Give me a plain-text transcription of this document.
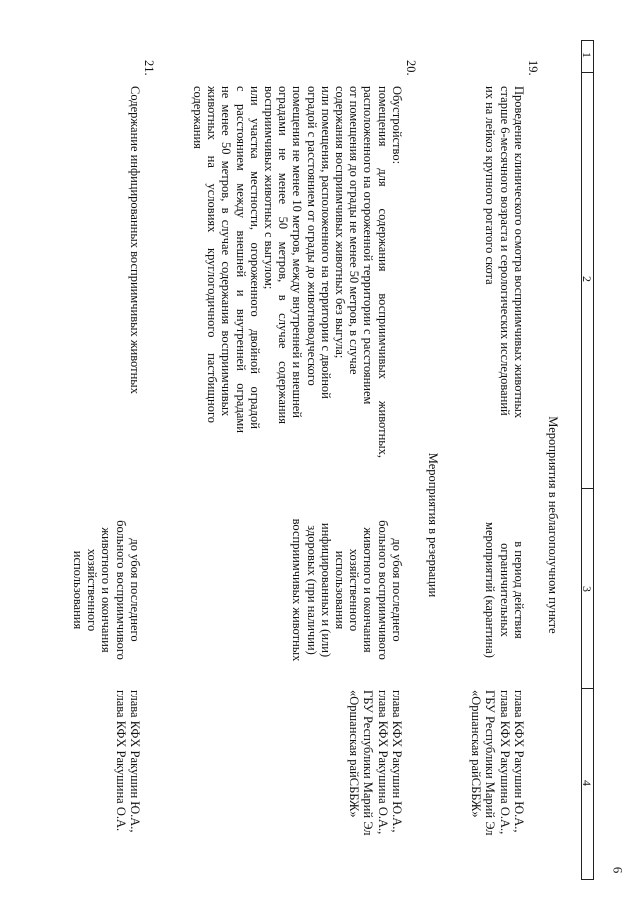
6
1
2
3
4
Мероприятия в неблагополучном пункте
19.

Проведение клинического осмотра восприимчивых животных
старше 6-месячного возраста и серологических исследований
их на лейкоз крупного рогатого скота

в период действия
ограничительных
мероприятий (карантина)

глава КФХ Ракушин Ю.А.,
глава КФХ Ракушина О.А.,
ГБУ Республики Марий Эл
«Оршанская райСББЖ»
Мероприятия в резервации
20.

Обустройство:
помещения       для       содержания       восприимчивых       животных,
расположенного на огороженной территории с расстоянием
от помещения до ограды не менее 50 метров, в случае
содержания восприимчивых животных без выгула;
или помещения, расположенного на территории с двойной
оградой с расстоянием от ограды до животноводческого
помещения не менее 10 метров, между внутренней и внешней
оградами    не    менее    50    метров,    в    случае    содержания
восприимчивых животных с выгулом;
или    участка    местности,    огороженного    двойной    оградой
с    расстоянием    между    внешней    и    внутренней    оградами
не  менее  50  метров,  в  случае  содержания  восприимчивых
животных     на     условиях     круглогодичного     пастбищного
содержания

до убоя последнего
больного восприимчивого
животного и окончания
хозяйственного
использования
инфицированных и (или)
здоровых (при наличии)
восприимчивых животных

глава КФХ Ракушин Ю.А.,
глава КФХ Ракушина О.А.,
ГБУ Республики Марий Эл
«Оршанская райСББЖ»
21.

Содержание инфицированных восприимчивых животных

до убоя последнего
больного восприимчивого
животного и окончания
хозяйственного
использования

глава КФХ Ракушин Ю.А.,
глава КФХ Ракушина О.А.
